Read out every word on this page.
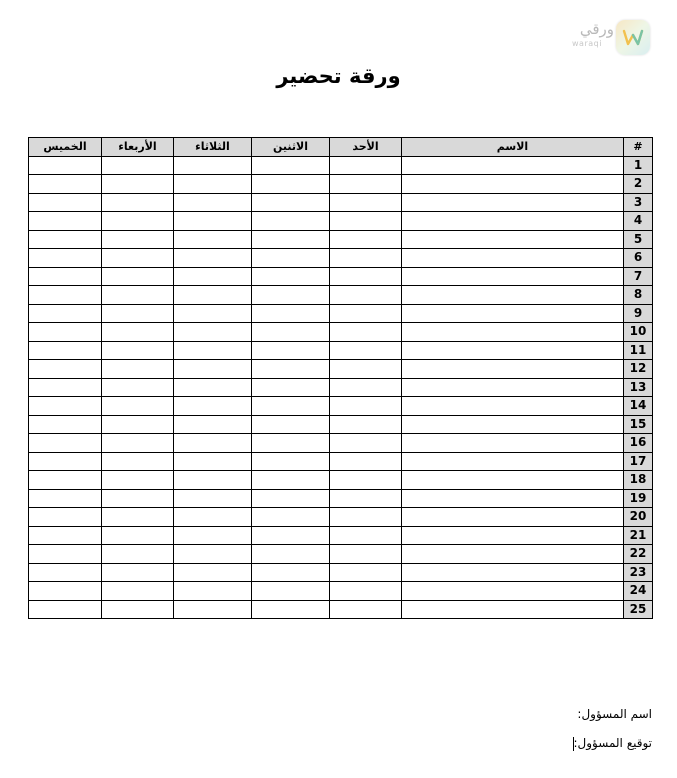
ورقي
waraqi
ورقة تحضير
#	الاسم	الأحد	الاثنين	الثلاثاء	الأربعاء	الخميس
1						
2						
3						
4						
5						
6						
7						
8						
9						
10						
11						
12						
13						
14						
15						
16						
17						
18						
19						
20						
21						
22						
23						
24						
25						
اسم المسؤول:
توقيع المسؤول:
